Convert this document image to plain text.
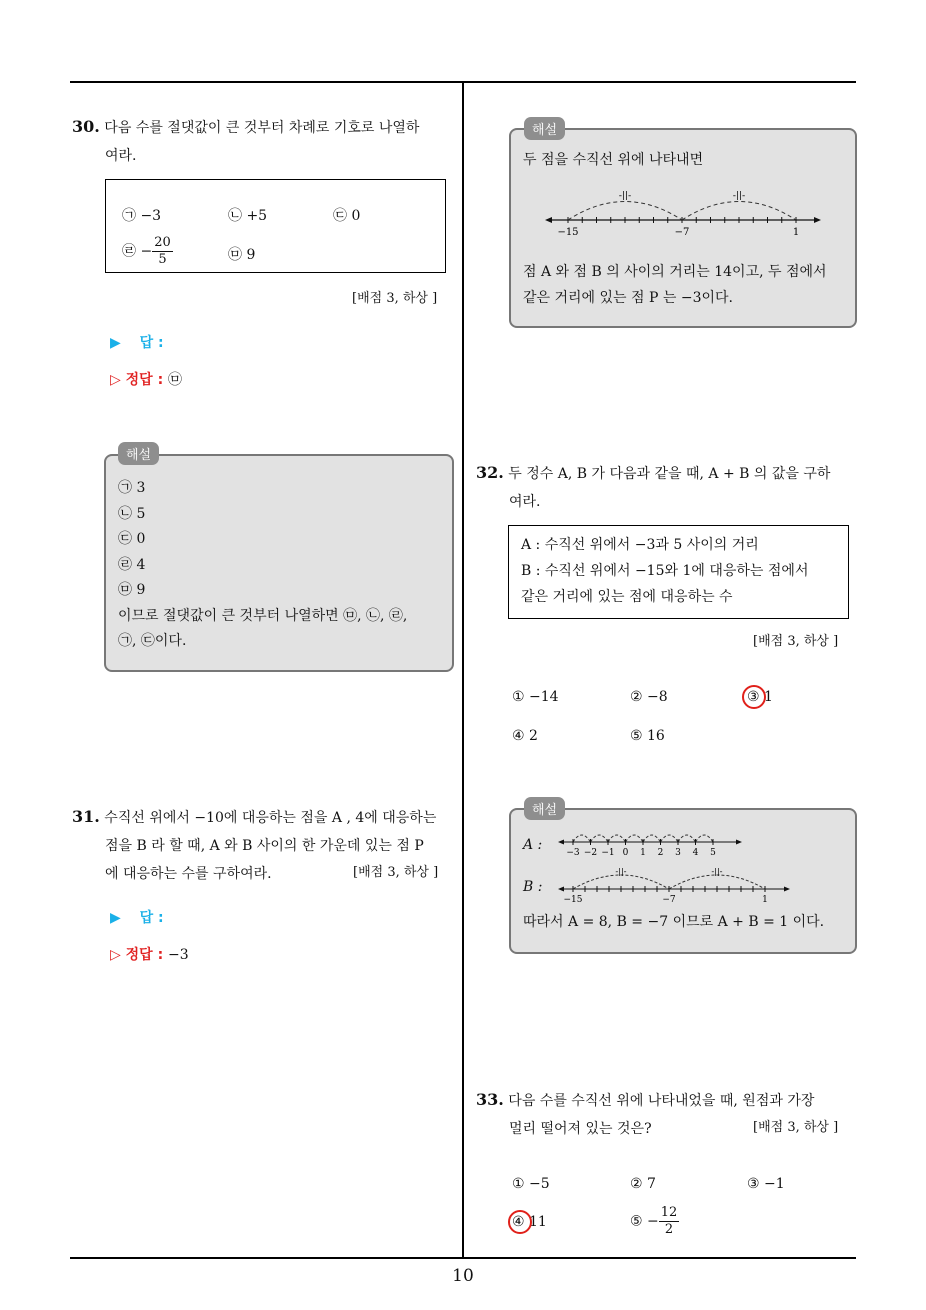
10
30. 다음 수를 절댓값이 큰 것부터 차례로 기호로 나열하
여라.
㉠ −3	㉡ +5	㉢ 0
㉣ − $\frac{20}{5}$	㉤ 9
[배점 3, 하상 ]
▶ 답 :
▷ 정답 : ㉤
㉠ 3
㉡ 5
㉢ 0
㉣ 4
㉤ 9
이므로 절댓값이 큰 것부터 나열하면 ㉤, ㉡, ㉣,
㉠, ㉢이다.
해설
31. 수직선 위에서 −10에 대응하는 점을 A , 4에 대응하는
점을 B 라 할 때, A 와 B 사이의 한 가운데 있는 점 P
에 대응하는 수를 구하여라.	[배점 3, 하상 ]
▶ 답 :
▷ 정답 : −3
두 점을 수직선 위에 나타내면
-||-	-||-
−15	−7	1
점 A 와 점 B 의 사이의 거리는 14이고, 두 점에서
같은 거리에 있는 점 P 는 −3이다.
해설
32. 두 정수 A, B 가 다음과 같을 때, A + B 의 값을 구하
여라.
A : 수직선 위에서 −3과 5 사이의 거리
B : 수직선 위에서 −15와 1에 대응하는 점에서
같은 거리에 있는 점에 대응하는 수
[배점 3, 하상 ]
① −14	② −8	③ 1
④ 2	⑤ 16
A :	−3 −2 −1 0 1 2 3 4 5
B :
-||-	-||-
−15	−7	1
따라서 A = 8, B = −7 이므로 A + B = 1 이다.
해설
33. 다음 수를 수직선 위에 나타내었을 때, 원점과 가장
멀리 떨어져 있는 것은?	[배점 3, 하상 ]
① −5	② 7	③ −1
④ 11	⑤ − $\frac{12}{2}$
